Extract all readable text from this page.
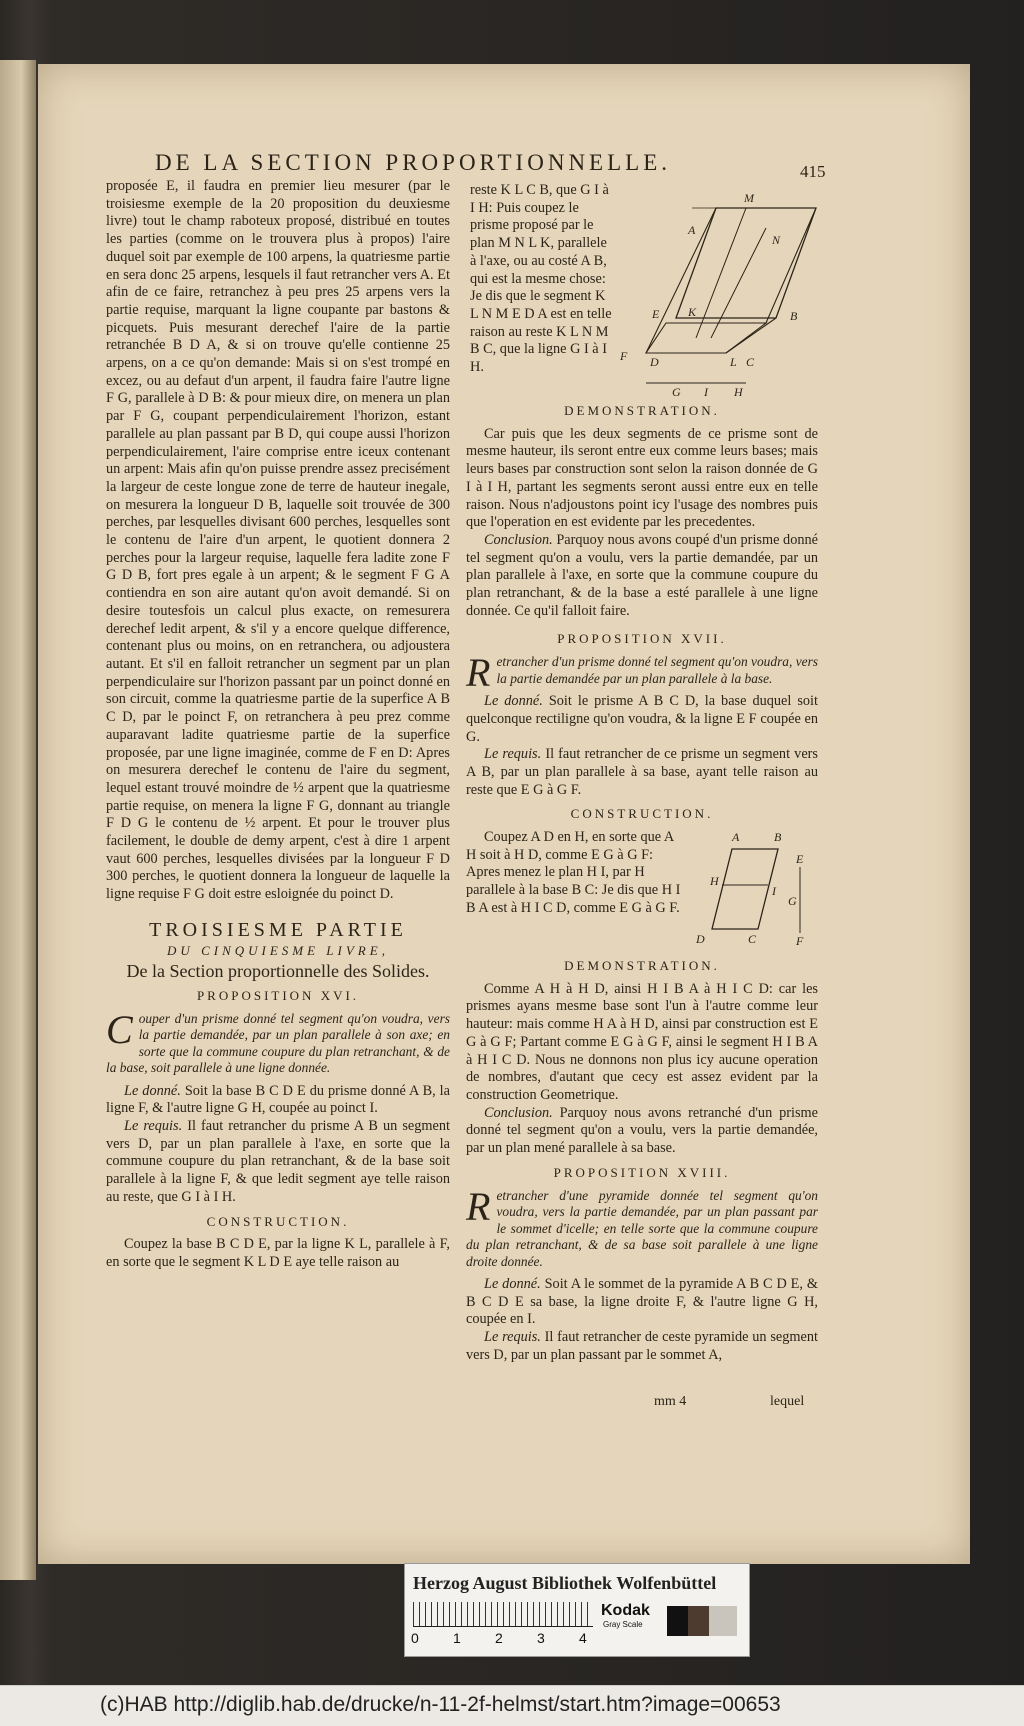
DE LA SECTION PROPORTIONNELLE.	415

proposée E, il faudra en premier lieu mesurer (par le troisiesme exemple de la 20 proposition du deuxiesme livre) tout le champ raboteux proposé, distribué en toutes les parties (comme on le trouvera plus à propos) l'aire duquel soit par exemple de 100 arpens, la quatriesme partie en sera donc 25 arpens, lesquels il faut retrancher vers A. Et afin de ce faire, retranchez à peu pres 25 arpens vers la partie requise, marquant la ligne coupante par bastons & picquets. Puis mesurant derechef l'aire de la partie retranchée B D A, & si on trouve qu'elle contienne 25 arpens, on a ce qu'on demande: Mais si on s'est trompé en excez, ou au defaut d'un arpent, il faudra faire l'autre ligne F G, parallele à D B: & pour mieux dire, on menera un plan par F G, coupant perpendiculairement l'horizon, estant parallele au plan passant par B D, qui coupe aussi l'horizon perpendiculairement, l'aire comprise entre iceux contenant un arpent: Mais afin qu'on puisse prendre assez precisément la largeur de ceste longue zone de terre de hauteur inegale, on mesurera la longueur D B, laquelle soit trouvée de 300 perches, par lesquelles divisant 600 perches, lesquelles sont le contenu de l'aire d'un arpent, le quotient donnera 2 perches pour la largeur requise, laquelle fera ladite zone F G D B, fort pres egale à un arpent; & le segment F G A contiendra en son aire autant qu'on avoit demandé. Si on desire toutesfois un calcul plus exacte, on remesurera derechef ledit arpent, & s'il y a encore quelque difference, contenant plus ou moins, on en retranchera, ou adjoustera autant. Et s'il en falloit retrancher un segment par un plan perpendiculaire sur l'horizon passant par un poinct donné en son circuit, comme la quatriesme partie de la superfice A B C D, par le poinct F, on retranchera à peu prez comme auparavant ladite quatriesme partie de la superfice proposée, par une ligne imaginée, comme de F en D: Apres on mesurera derechef le contenu de l'aire du segment, lequel estant trouvé moindre de ½ arpent que la quatriesme partie requise, on menera la ligne F G, donnant au triangle F D G le contenu de ½ arpent. Et pour le trouver plus facilement, le double de demy arpent, c'est à dire 1 arpent vaut 600 perches, lesquelles divisées par la longueur F D 300 perches, le quotient donnera la longueur de laquelle la ligne requise F G doit estre esloignée du poinct D.

TROISIESME PARTIE
DU CINQUIESME LIVRE,
De la Section proportionnelle des Solides.
PROPOSITION XVI.

Couper d'un prisme donné tel segment qu'on voudra, vers la partie demandée, par un plan parallele à son axe; en sorte que la commune coupure du plan retranchant, & de la base, soit parallele à une ligne donnée.

Le donné. Soit la base B C D E du prisme donné A B, la ligne F, & l'autre ligne G H, coupée au poinct I.

Le requis. Il faut retrancher du prisme A B un segment vers D, par un plan parallele à l'axe, en sorte que la commune coupure du plan retranchant, & de la base soit parallele à la ligne F, & que ledit segment aye telle raison au reste, que G I à I H.

CONSTRUCTION.

Coupez la base B C D E, par la ligne K L, parallele à F, en sorte que le segment K L D E aye telle raison au

reste K L C B, que G I à I H: Puis coupez le prisme proposé par le plan M N L K, parallele à l'axe, ou au costé A B, qui est la mesme chose: Je dis que le segment K L N M E D A est en telle raison au reste K L N M B C, que la ligne G I à I H.

M
A
N
E K	B
D	L C
F
G I H
DEMONSTRATION.

Car puis que les deux segments de ce prisme sont de mesme hauteur, ils seront entre eux comme leurs bases; mais leurs bases par construction sont selon la raison donnée de G I à I H, partant les segments seront aussi entre eux en telle raison. Nous n'adjoustons point icy l'usage des nombres puis que l'operation en est evidente par les precedentes.

Conclusion. Parquoy nous avons coupé d'un prisme donné tel segment qu'on a voulu, vers la partie demandée, par un plan parallele à l'axe, en sorte que la commune coupure du plan retranchant, & de la base a esté parallele à une ligne donnée. Ce qu'il falloit faire.

PROPOSITION XVII.

Retrancher d'un prisme donné tel segment qu'on voudra, vers la partie demandée par un plan parallele à la base.

Le donné. Soit le prisme A B C D, la base duquel soit quelconque rectiligne qu'on voudra, & la ligne E F coupée en G.

Le requis. Il faut retrancher de ce prisme un segment vers A B, par un plan parallele à sa base, ayant telle raison au reste que E G à G F.

CONSTRUCTION.
A	B
H
I
E
G
D	C	F

Coupez A D en H, en sorte que A H soit à H D, comme E G à G F: Apres menez le plan H I, par H parallele à la base B C: Je dis que H I B A est à H I C D, comme E G à G F.

DEMONSTRATION.

Comme A H à H D, ainsi H I B A à H I C D: car les prismes ayans mesme base sont l'un à l'autre comme leur hauteur: mais comme H A à H D, ainsi par construction est E G à G F; Partant comme E G à G F, ainsi le segment H I B A à H I C D. Nous ne donnons non plus icy aucune operation de nombres, d'autant que cecy est assez evident par la construction Geometrique.

Conclusion. Parquoy nous avons retranché d'un prisme donné tel segment qu'on a voulu, vers la partie demandée, par un plan mené parallele à sa base.

PROPOSITION XVIII.

Retrancher d'une pyramide donnée tel segment qu'on voudra, vers la partie demandée, par un plan passant par le sommet d'icelle; en telle sorte que la commune coupure du plan retranchant, & de sa base soit parallele à une ligne droite donnée.

Le donné. Soit A le sommet de la pyramide A B C D E, & B C D E sa base, la ligne droite F, & l'autre ligne G H, coupée en I.

Le requis. Il faut retrancher de ceste pyramide un segment vers D, par un plan passant par le sommet A,

mm 4	lequel
Herzog August Bibliothek Wolfenbüttel
0 1 2 3 4
Kodak
Gray Scale
(c)HAB http://diglib.hab.de/drucke/n-11-2f-helmst/start.htm?image=00653
